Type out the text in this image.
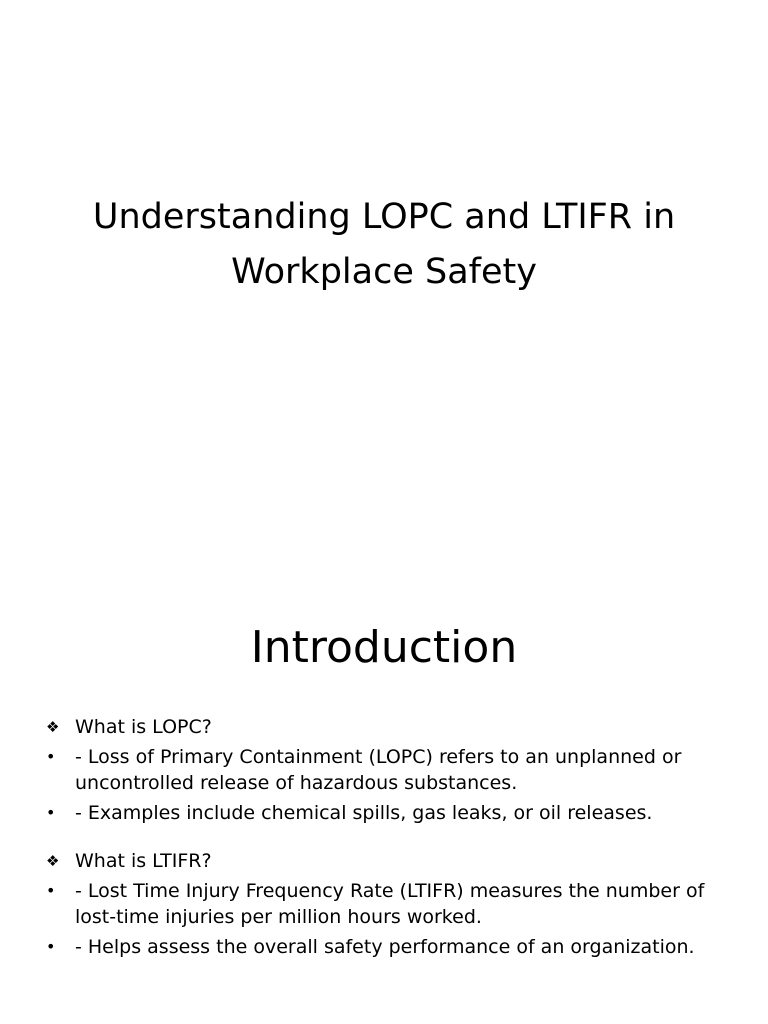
Understanding LOPC and LTIFR in Workplace Safety
Introduction
❖ What is LOPC?
•	- Loss of Primary Containment (LOPC) refers to an unplanned or uncontrolled release of hazardous substances.
•	- Examples include chemical spills, gas leaks, or oil releases.
❖ What is LTIFR?
•	- Lost Time Injury Frequency Rate (LTIFR) measures the number of lost-time injuries per million hours worked.
•	- Helps assess the overall safety performance of an organization.
